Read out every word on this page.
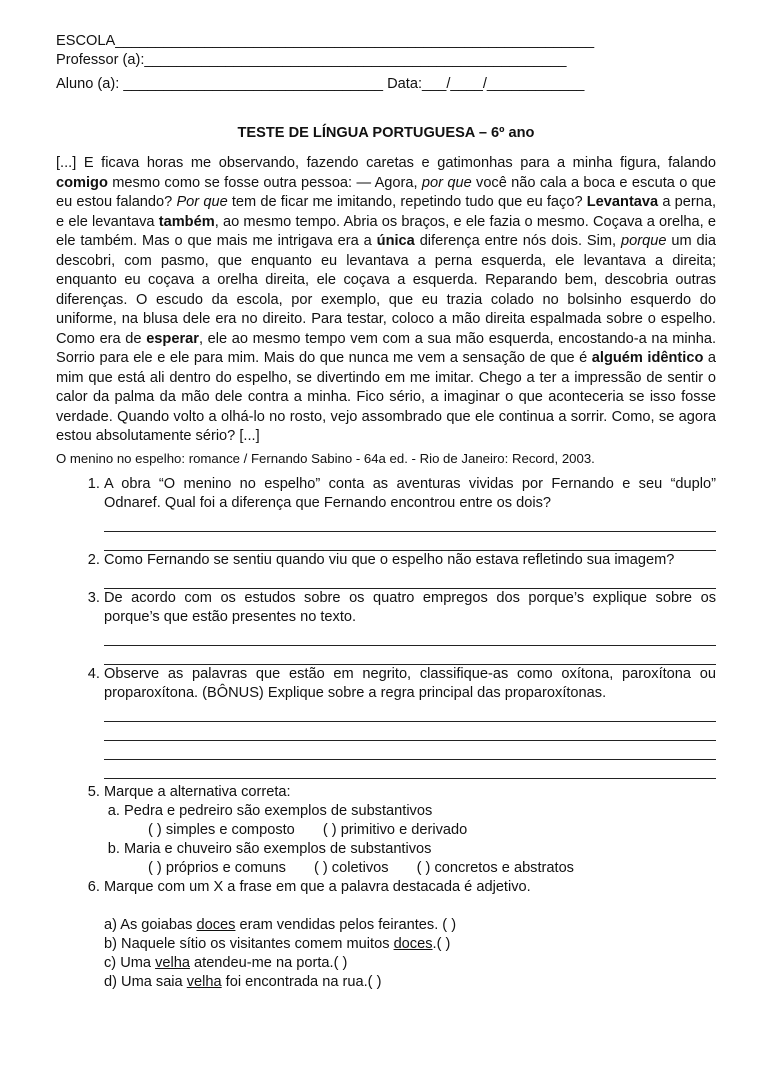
ESCOLA___________________________________________________________
Professor (a):____________________________________________________
Aluno (a): ________________________________ Data:___/____/____________
TESTE DE LÍNGUA PORTUGUESA – 6º ano
[...] E ficava horas me observando, fazendo caretas e gatimonhas para a minha figura, falando comigo mesmo como se fosse outra pessoa: — Agora, por que você não cala a boca e escuta o que eu estou falando? Por que tem de ficar me imitando, repetindo tudo que eu faço? Levantava a perna, e ele levantava também, ao mesmo tempo. Abria os braços, e ele fazia o mesmo. Coçava a orelha, e ele também. Mas o que mais me intrigava era a única diferença entre nós dois. Sim, porque um dia descobri, com pasmo, que enquanto eu levantava a perna esquerda, ele levantava a direita; enquanto eu coçava a orelha direita, ele coçava a esquerda. Reparando bem, descobria outras diferenças. O escudo da escola, por exemplo, que eu trazia colado no bolsinho esquerdo do uniforme, na blusa dele era no direito. Para testar, coloco a mão direita espalmada sobre o espelho. Como era de esperar, ele ao mesmo tempo vem com a sua mão esquerda, encostando-a na minha. Sorrio para ele e ele para mim. Mais do que nunca me vem a sensação de que é alguém idêntico a mim que está ali dentro do espelho, se divertindo em me imitar. Chego a ter a impressão de sentir o calor da palma da mão dele contra a minha. Fico sério, a imaginar o que aconteceria se isso fosse verdade. Quando volto a olhá-lo no rosto, vejo assombrado que ele continua a sorrir. Como, se agora estou absolutamente sério? [...]
O menino no espelho: romance / Fernando Sabino - 64a ed. - Rio de Janeiro: Record, 2003.
1. A obra “O menino no espelho” conta as aventuras vividas por Fernando e seu “duplo” Odnaref. Qual foi a diferença que Fernando encontrou entre os dois?
2. Como Fernando se sentiu quando viu que o espelho não estava refletindo sua imagem?
3. De acordo com os estudos sobre os quatro empregos dos porque’s explique sobre os porque’s que estão presentes no texto.
4. Observe as palavras que estão em negrito, classifique-as como oxítona, paroxítona ou proparoxítona. (BÔNUS) Explique sobre a regra principal das proparoxítonas.
5. Marque a alternativa correta:
a. Pedra e pedreiro são exemplos de substantivos
( ) simples e composto ( ) primitivo e derivado
b. Maria e chuveiro são exemplos de substantivos
( ) próprios e comuns ( ) coletivos ( ) concretos e abstratos
6. Marque com um X a frase em que a palavra destacada é adjetivo.
a) As goiabas doces eram vendidas pelos feirantes. ( )
b) Naquele sítio os visitantes comem muitos doces.( )
c) Uma velha atendeu-me na porta.( )
d) Uma saia velha foi encontrada na rua.( )
